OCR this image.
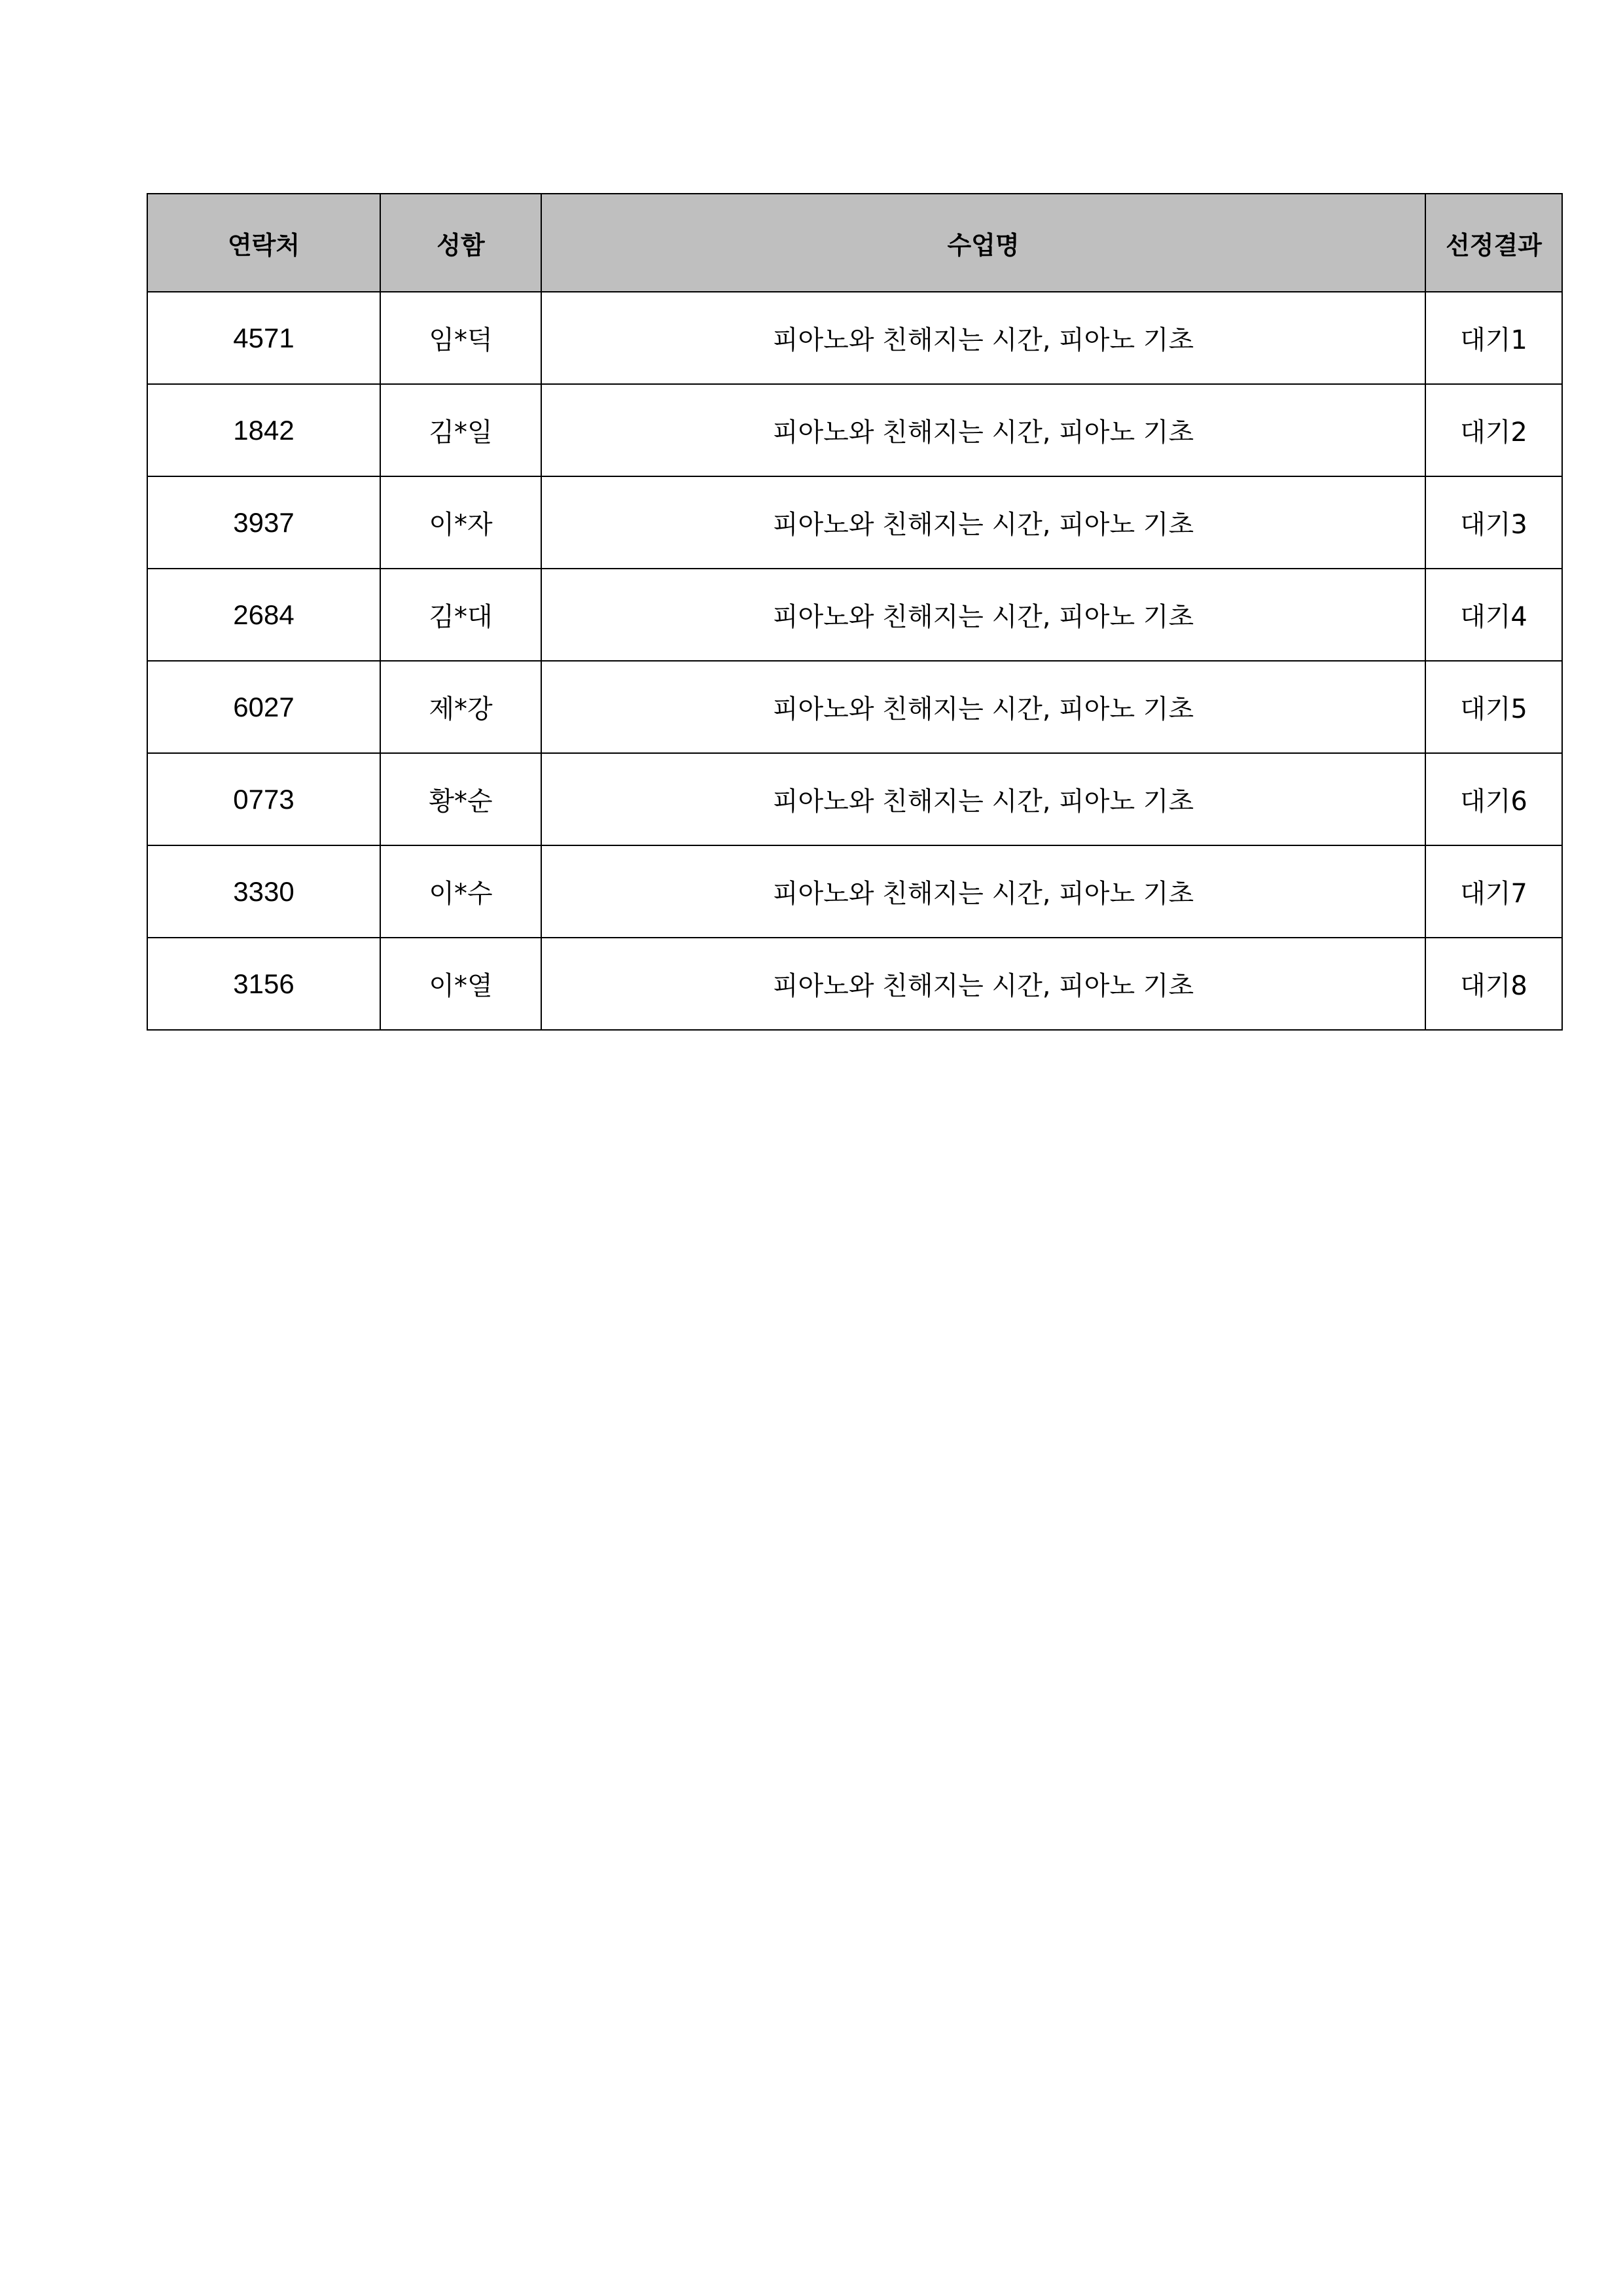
연락처	성함	수업명	선정결과
4571	임*덕	피아노와 친해지는 시간, 피아노 기초	대기1
1842	김*일	피아노와 친해지는 시간, 피아노 기초	대기2
3937	이*자	피아노와 친해지는 시간, 피아노 기초	대기3
2684	김*대	피아노와 친해지는 시간, 피아노 기초	대기4
6027	제*강	피아노와 친해지는 시간, 피아노 기초	대기5
0773	황*순	피아노와 친해지는 시간, 피아노 기초	대기6
3330	이*수	피아노와 친해지는 시간, 피아노 기초	대기7
3156	이*열	피아노와 친해지는 시간, 피아노 기초	대기8
